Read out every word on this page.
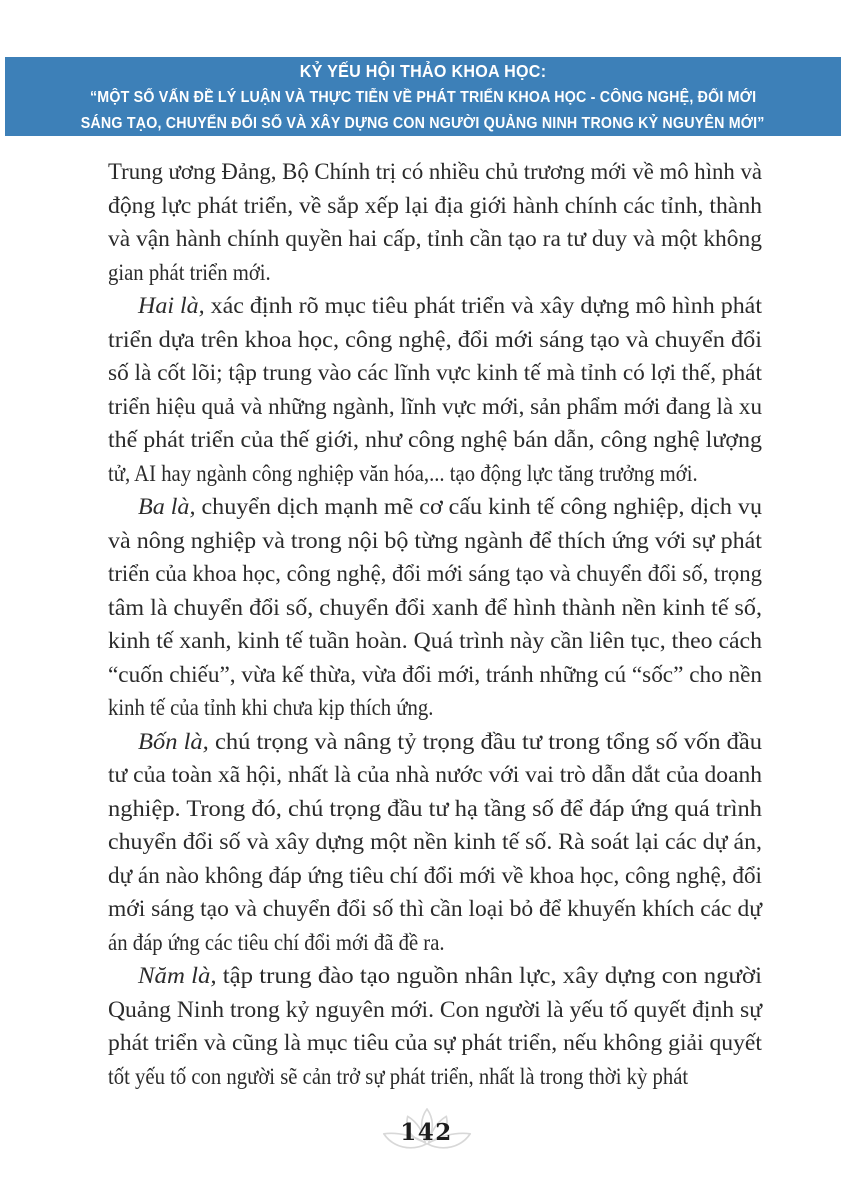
KỶ YẾU HỘI THẢO KHOA HỌC:
“MỘT SỐ VẤN ĐỀ LÝ LUẬN VÀ THỰC TIỄN VỀ PHÁT TRIỂN KHOA HỌC - CÔNG NGHỆ, ĐỔI MỚI
SÁNG TẠO, CHUYỂN ĐỔI SỐ VÀ XÂY DỰNG CON NGƯỜI QUẢNG NINH TRONG KỶ NGUYÊN MỚI”
Trung ương Đảng, Bộ Chính trị có nhiều chủ trương mới về mô hình và
động lực phát triển, về sắp xếp lại địa giới hành chính các tỉnh, thành
và vận hành chính quyền hai cấp, tỉnh cần tạo ra tư duy và một không
gian phát triển mới.
Hai là, xác định rõ mục tiêu phát triển và xây dựng mô hình phát
triển dựa trên khoa học, công nghệ, đổi mới sáng tạo và chuyển đổi
số là cốt lõi; tập trung vào các lĩnh vực kinh tế mà tỉnh có lợi thế, phát
triển hiệu quả và những ngành, lĩnh vực mới, sản phẩm mới đang là xu
thế phát triển của thế giới, như công nghệ bán dẫn, công nghệ lượng
tử, AI hay ngành công nghiệp văn hóa,... tạo động lực tăng trưởng mới.
Ba là, chuyển dịch mạnh mẽ cơ cấu kinh tế công nghiệp, dịch vụ
và nông nghiệp và trong nội bộ từng ngành để thích ứng với sự phát
triển của khoa học, công nghệ, đổi mới sáng tạo và chuyển đổi số, trọng
tâm là chuyển đổi số, chuyển đổi xanh để hình thành nền kinh tế số,
kinh tế xanh, kinh tế tuần hoàn. Quá trình này cần liên tục, theo cách
“cuốn chiếu”, vừa kế thừa, vừa đổi mới, tránh những cú “sốc” cho nền
kinh tế của tỉnh khi chưa kịp thích ứng.
Bốn là, chú trọng và nâng tỷ trọng đầu tư trong tổng số vốn đầu
tư của toàn xã hội, nhất là của nhà nước với vai trò dẫn dắt của doanh
nghiệp. Trong đó, chú trọng đầu tư hạ tầng số để đáp ứng quá trình
chuyển đổi số và xây dựng một nền kinh tế số. Rà soát lại các dự án,
dự án nào không đáp ứng tiêu chí đổi mới về khoa học, công nghệ, đổi
mới sáng tạo và chuyển đổi số thì cần loại bỏ để khuyến khích các dự
án đáp ứng các tiêu chí đổi mới đã đề ra.
Năm là, tập trung đào tạo nguồn nhân lực, xây dựng con người
Quảng Ninh trong kỷ nguyên mới. Con người là yếu tố quyết định sự
phát triển và cũng là mục tiêu của sự phát triển, nếu không giải quyết
tốt yếu tố con người sẽ cản trở sự phát triển, nhất là trong thời kỳ phát
142
